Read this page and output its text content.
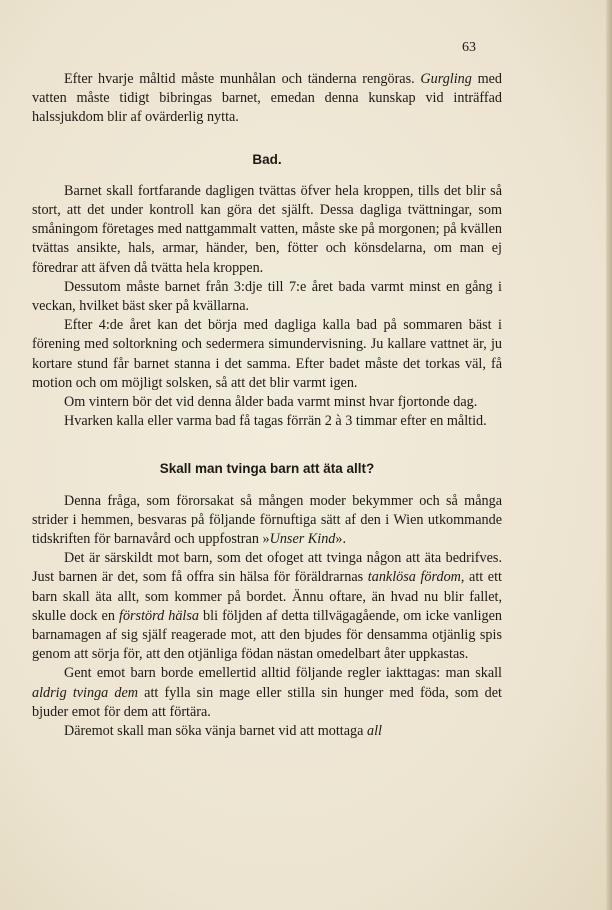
63

Efter hvarje måltid måste munhålan och tänderna rengöras. Gurgling med vatten måste tidigt bibringas barnet, emedan denna kunskap vid inträffad halssjukdom blir af ovärderlig nytta.

Bad.

Barnet skall fortfarande dagligen tvättas öfver hela kroppen, tills det blir så stort, att det under kontroll kan göra det själft. Dessa dagliga tvättningar, som småningom företages med nattgammalt vatten, måste ske på morgonen; på kvällen tvättas ansikte, hals, armar, händer, ben, fötter och könsdelarna, om man ej föredrar att äfven då tvätta hela kroppen.

Dessutom måste barnet från 3:dje till 7:e året bada varmt minst en gång i veckan, hvilket bäst sker på kvällarna.

Efter 4:de året kan det börja med dagliga kalla bad på sommaren bäst i förening med soltorkning och sedermera simundervisning. Ju kallare vattnet är, ju kortare stund får barnet stanna i det samma. Efter badet måste det torkas väl, få motion och om möjligt solsken, så att det blir varmt igen.

Om vintern bör det vid denna ålder bada varmt minst hvar fjortonde dag.

Hvarken kalla eller varma bad få tagas förrän 2 à 3 timmar efter en måltid.

Skall man tvinga barn att äta allt?

Denna fråga, som förorsakat så mången moder bekymmer och så många strider i hemmen, besvaras på följande förnuftiga sätt af den i Wien utkommande tidskriften för barnavård och uppfostran »Unser Kind».

Det är särskildt mot barn, som det ofoget att tvinga någon att äta bedrifves. Just barnen är det, som få offra sin hälsa för föräldrarnas tanklösa fördom, att ett barn skall äta allt, som kommer på bordet. Ännu oftare, än hvad nu blir fallet, skulle dock en förstörd hälsa bli följden af detta tillvägagående, om icke vanligen barnamagen af sig själf reagerade mot, att den bjudes för densamma otjänlig spis genom att sörja för, att den otjänliga födan nästan omedelbart åter uppkastas.

Gent emot barn borde emellertid alltid följande regler iakttagas: man skall aldrig tvinga dem att fylla sin mage eller stilla sin hunger med föda, som det bjuder emot för dem att förtära.

Däremot skall man söka vänja barnet vid att mottaga all
